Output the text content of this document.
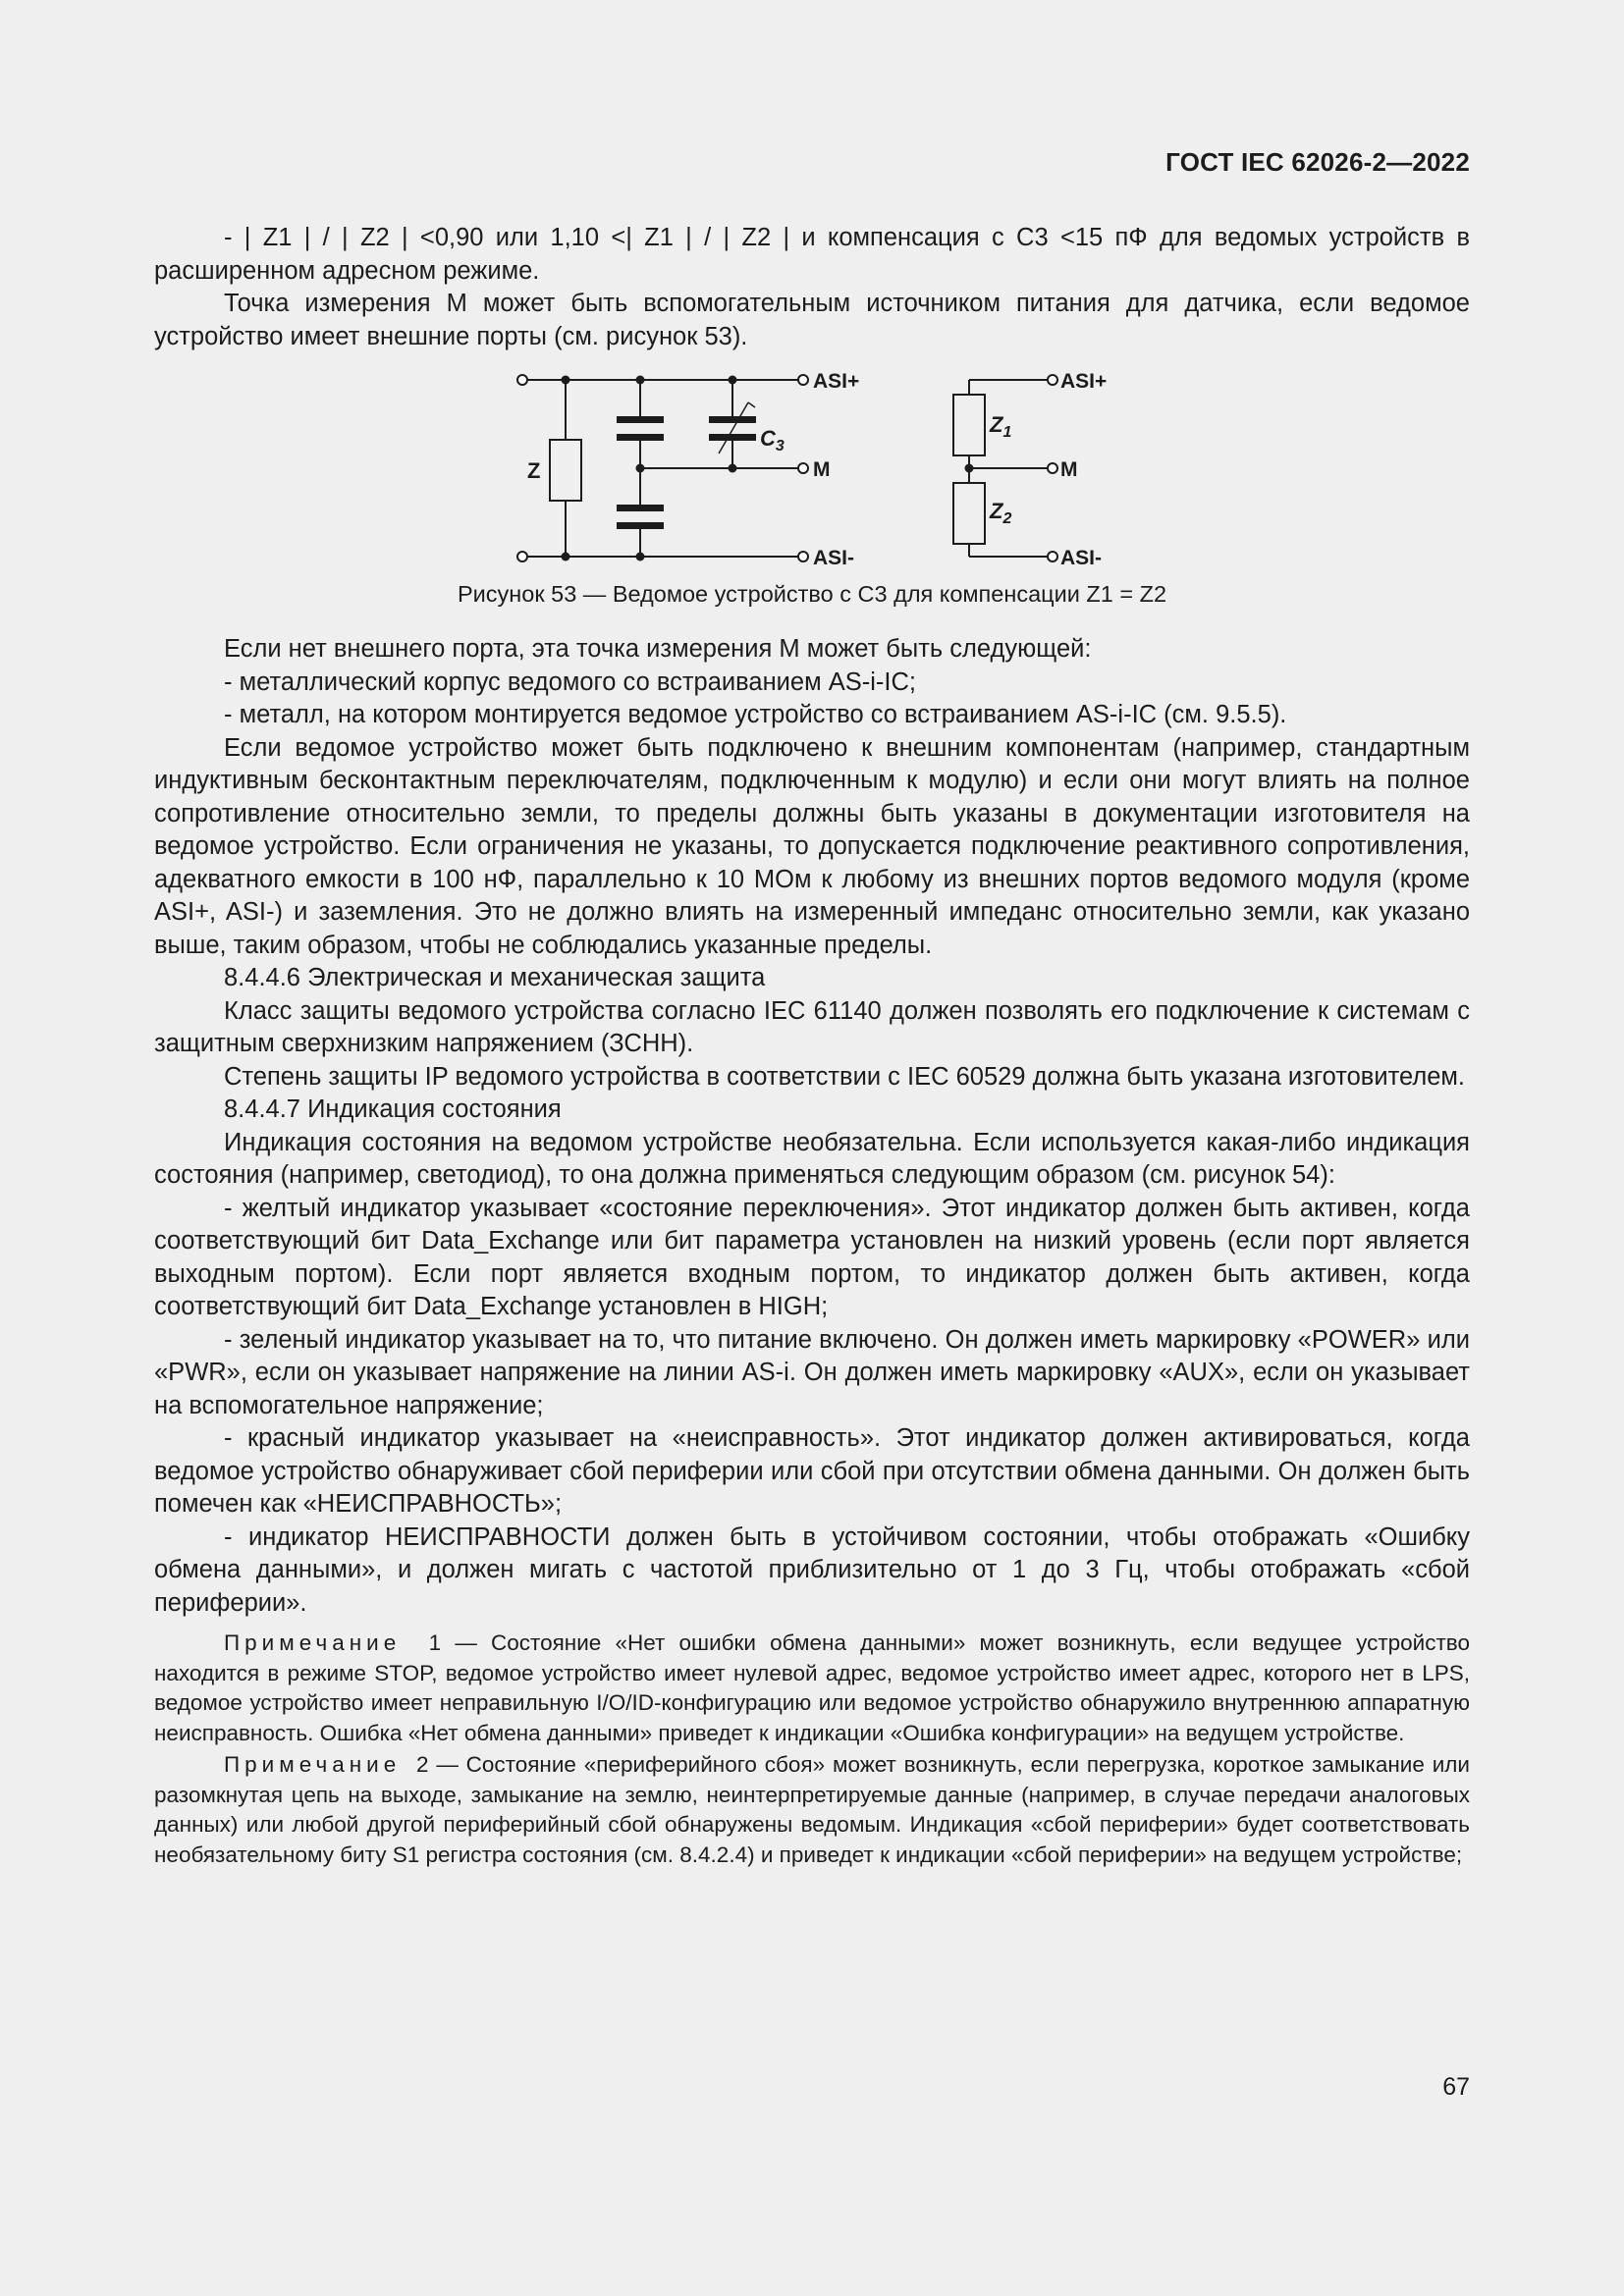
ГОСТ IEC 62026-2—2022

- | Z1 | / | Z2 | <0,90 или 1,10 <| Z1 | / | Z2 | и компенсация с C3 <15 пФ для ведомых устройств в расширенном адресном режиме.

Точка измерения M может быть вспомогательным источником питания для датчика, если ведомое устройство имеет внешние порты (см. рисунок 53).

Z
$C_3$
ASI+
M
ASI-
$Z_1$
$Z_2$
ASI+
M
ASI-
Рисунок 53 — Ведомое устройство с C3 для компенсации Z1 = Z2

Если нет внешнего порта, эта точка измерения M может быть следующей:

- металлический корпус ведомого со встраиванием AS-i-IC;

- металл, на котором монтируется ведомое устройство со встраиванием AS-i-IC (см. 9.5.5).

Если ведомое устройство может быть подключено к внешним компонентам (например, стандартным индуктивным бесконтактным переключателям, подключенным к модулю) и если они могут влиять на полное сопротивление относительно земли, то пределы должны быть указаны в документации изготовителя на ведомое устройство. Если ограничения не указаны, то допускается подключение реактивного сопротивления, адекватного емкости в 100 нФ, параллельно к 10 МОм к любому из внешних портов ведомого модуля (кроме ASI+, ASI-) и заземления. Это не должно влиять на измеренный импеданс относительно земли, как указано выше, таким образом, чтобы не соблюдались указанные пределы.

8.4.4.6 Электрическая и механическая защита

Класс защиты ведомого устройства согласно IEC 61140 должен позволять его подключение к системам с защитным сверхнизким напряжением (ЗСНН).

Степень защиты IP ведомого устройства в соответствии с IEC 60529 должна быть указана изготовителем.

8.4.4.7 Индикация состояния

Индикация состояния на ведомом устройстве необязательна. Если используется какая-либо индикация состояния (например, светодиод), то она должна применяться следующим образом (см. рисунок 54):

- желтый индикатор указывает «состояние переключения». Этот индикатор должен быть активен, когда соответствующий бит Data_Exchange или бит параметра установлен на низкий уровень (если порт является выходным портом). Если порт является входным портом, то индикатор должен быть активен, когда соответствующий бит Data_Exchange установлен в HIGH;

- зеленый индикатор указывает на то, что питание включено. Он должен иметь маркировку «POWER» или «PWR», если он указывает напряжение на линии AS-i. Он должен иметь маркировку «AUX», если он указывает на вспомогательное напряжение;

- красный индикатор указывает на «неисправность». Этот индикатор должен активироваться, когда ведомое устройство обнаруживает сбой периферии или сбой при отсутствии обмена данными. Он должен быть помечен как «НЕИСПРАВНОСТЬ»;

- индикатор НЕИСПРАВНОСТИ должен быть в устойчивом состоянии, чтобы отображать «Ошибку обмена данными», и должен мигать с частотой приблизительно от 1 до 3 Гц, чтобы отображать «сбой периферии».

Примечание 1 — Состояние «Нет ошибки обмена данными» может возникнуть, если ведущее устройство находится в режиме STOP, ведомое устройство имеет нулевой адрес, ведомое устройство имеет адрес, которого нет в LPS, ведомое устройство имеет неправильную I/O/ID-конфигурацию или ведомое устройство обнаружило внутреннюю аппаратную неисправность. Ошибка «Нет обмена данными» приведет к индикации «Ошибка конфигурации» на ведущем устройстве.

Примечание 2 — Состояние «периферийного сбоя» может возникнуть, если перегрузка, короткое замыкание или разомкнутая цепь на выходе, замыкание на землю, неинтерпретируемые данные (например, в случае передачи аналоговых данных) или любой другой периферийный сбой обнаружены ведомым. Индикация «сбой периферии» будет соответствовать необязательному биту S1 регистра состояния (см. 8.4.2.4) и приведет к индикации «сбой периферии» на ведущем устройстве;

67
